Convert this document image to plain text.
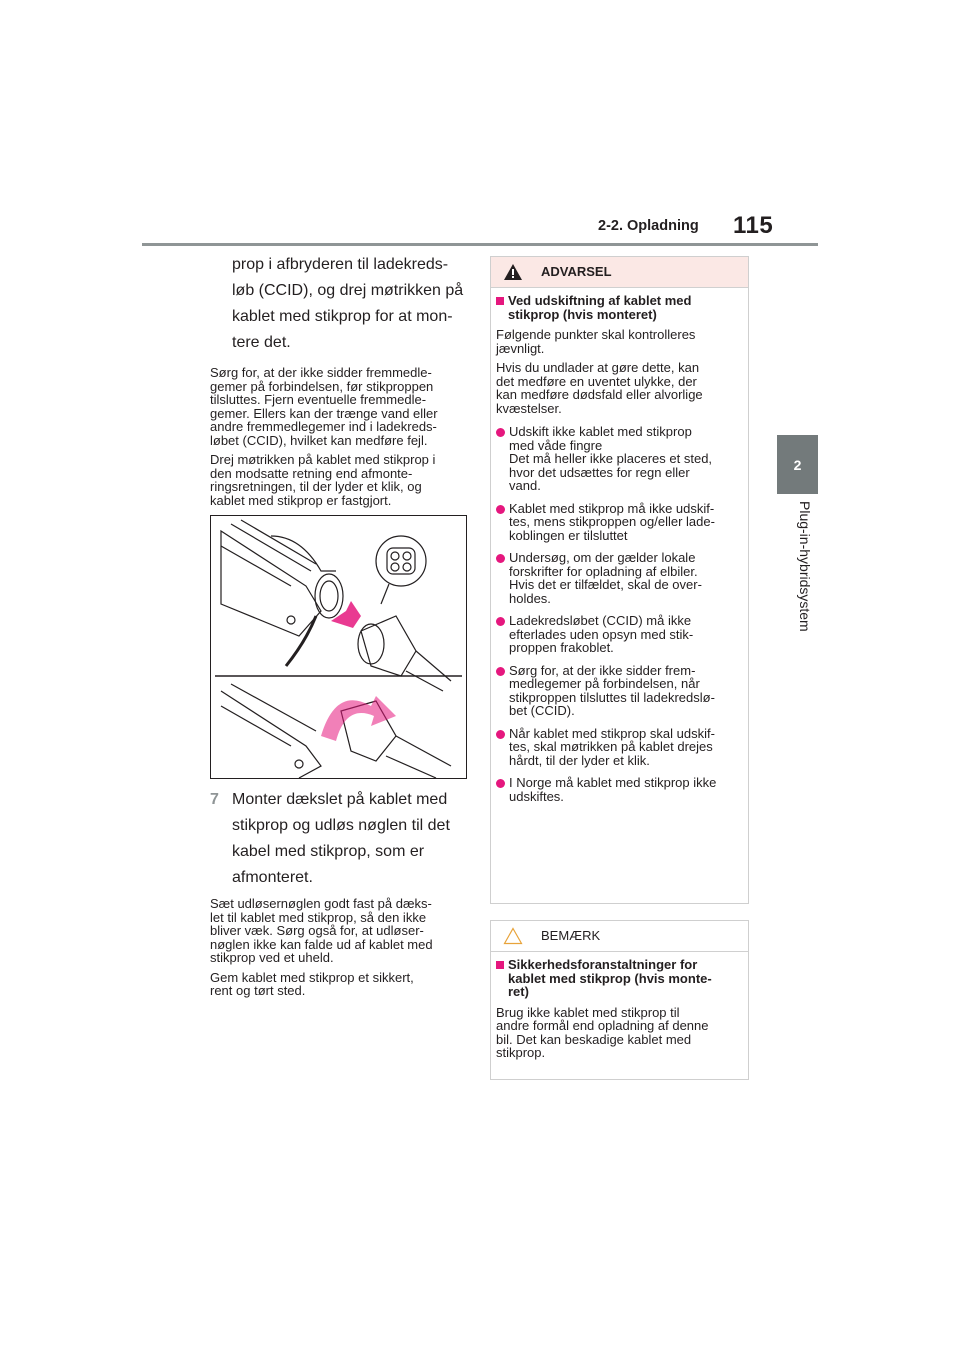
2-2. Opladning 115
2
Plug-in-hybridsystem

prop i afbryderen til ladekreds-
løb (CCID), og drej møtrikken på
kablet med stikprop for at mon-
tere det.

Sørg for, at der ikke sidder fremmedle-
gemer på forbindelsen, før stikproppen
tilsluttes. Fjern eventuelle fremmedle-
gemer. Ellers kan der trænge vand eller
andre fremmedlegemer ind i ladekreds-
løbet (CCID), hvilket kan medføre fejl.

Drej møtrikken på kablet med stikprop i
den modsatte retning end afmonte-
ringsretningen, til der lyder et klik, og
kablet med stikprop er fastgjort.

7 Monter dækslet på kablet med
stikprop og udløs nøglen til det
kabel med stikprop, som er
afmonteret.

Sæt udløsernøglen godt fast på dæks-
let til kablet med stikprop, så den ikke
bliver væk. Sørg også for, at udløser-
nøglen ikke kan falde ud af kablet med
stikprop ved et uheld.

Gem kablet med stikprop et sikkert,
rent og tørt sted.

ADVARSEL
Ved udskiftning af kablet med
stikprop (hvis monteret)

Følgende punkter skal kontrolleres
jævnligt.

Hvis du undlader at gøre dette, kan
det medføre en uventet ulykke, der
kan medføre dødsfald eller alvorlige
kvæstelser.

Udskift ikke kablet med stikprop
med våde fingre
Det må heller ikke placeres et sted,
hvor det udsættes for regn eller
vand.
Kablet med stikprop må ikke udskif-
tes, mens stikproppen og/eller lade-
koblingen er tilsluttet
Undersøg, om der gælder lokale
forskrifter for opladning af elbiler.
Hvis det er tilfældet, skal de over-
holdes.
Ladekredsløbet (CCID) må ikke
efterlades uden opsyn med stik-
proppen frakoblet.
Sørg for, at der ikke sidder frem-
medlegemer på forbindelsen, når
stikproppen tilsluttes til ladekredslø-
bet (CCID).
Når kablet med stikprop skal udskif-
tes, skal møtrikken på kablet drejes
hårdt, til der lyder et klik.
I Norge må kablet med stikprop ikke
udskiftes.
BEMÆRK
Sikkerhedsforanstaltninger for
kablet med stikprop (hvis monte-
ret)

Brug ikke kablet med stikprop til
andre formål end opladning af denne
bil. Det kan beskadige kablet med
stikprop.
